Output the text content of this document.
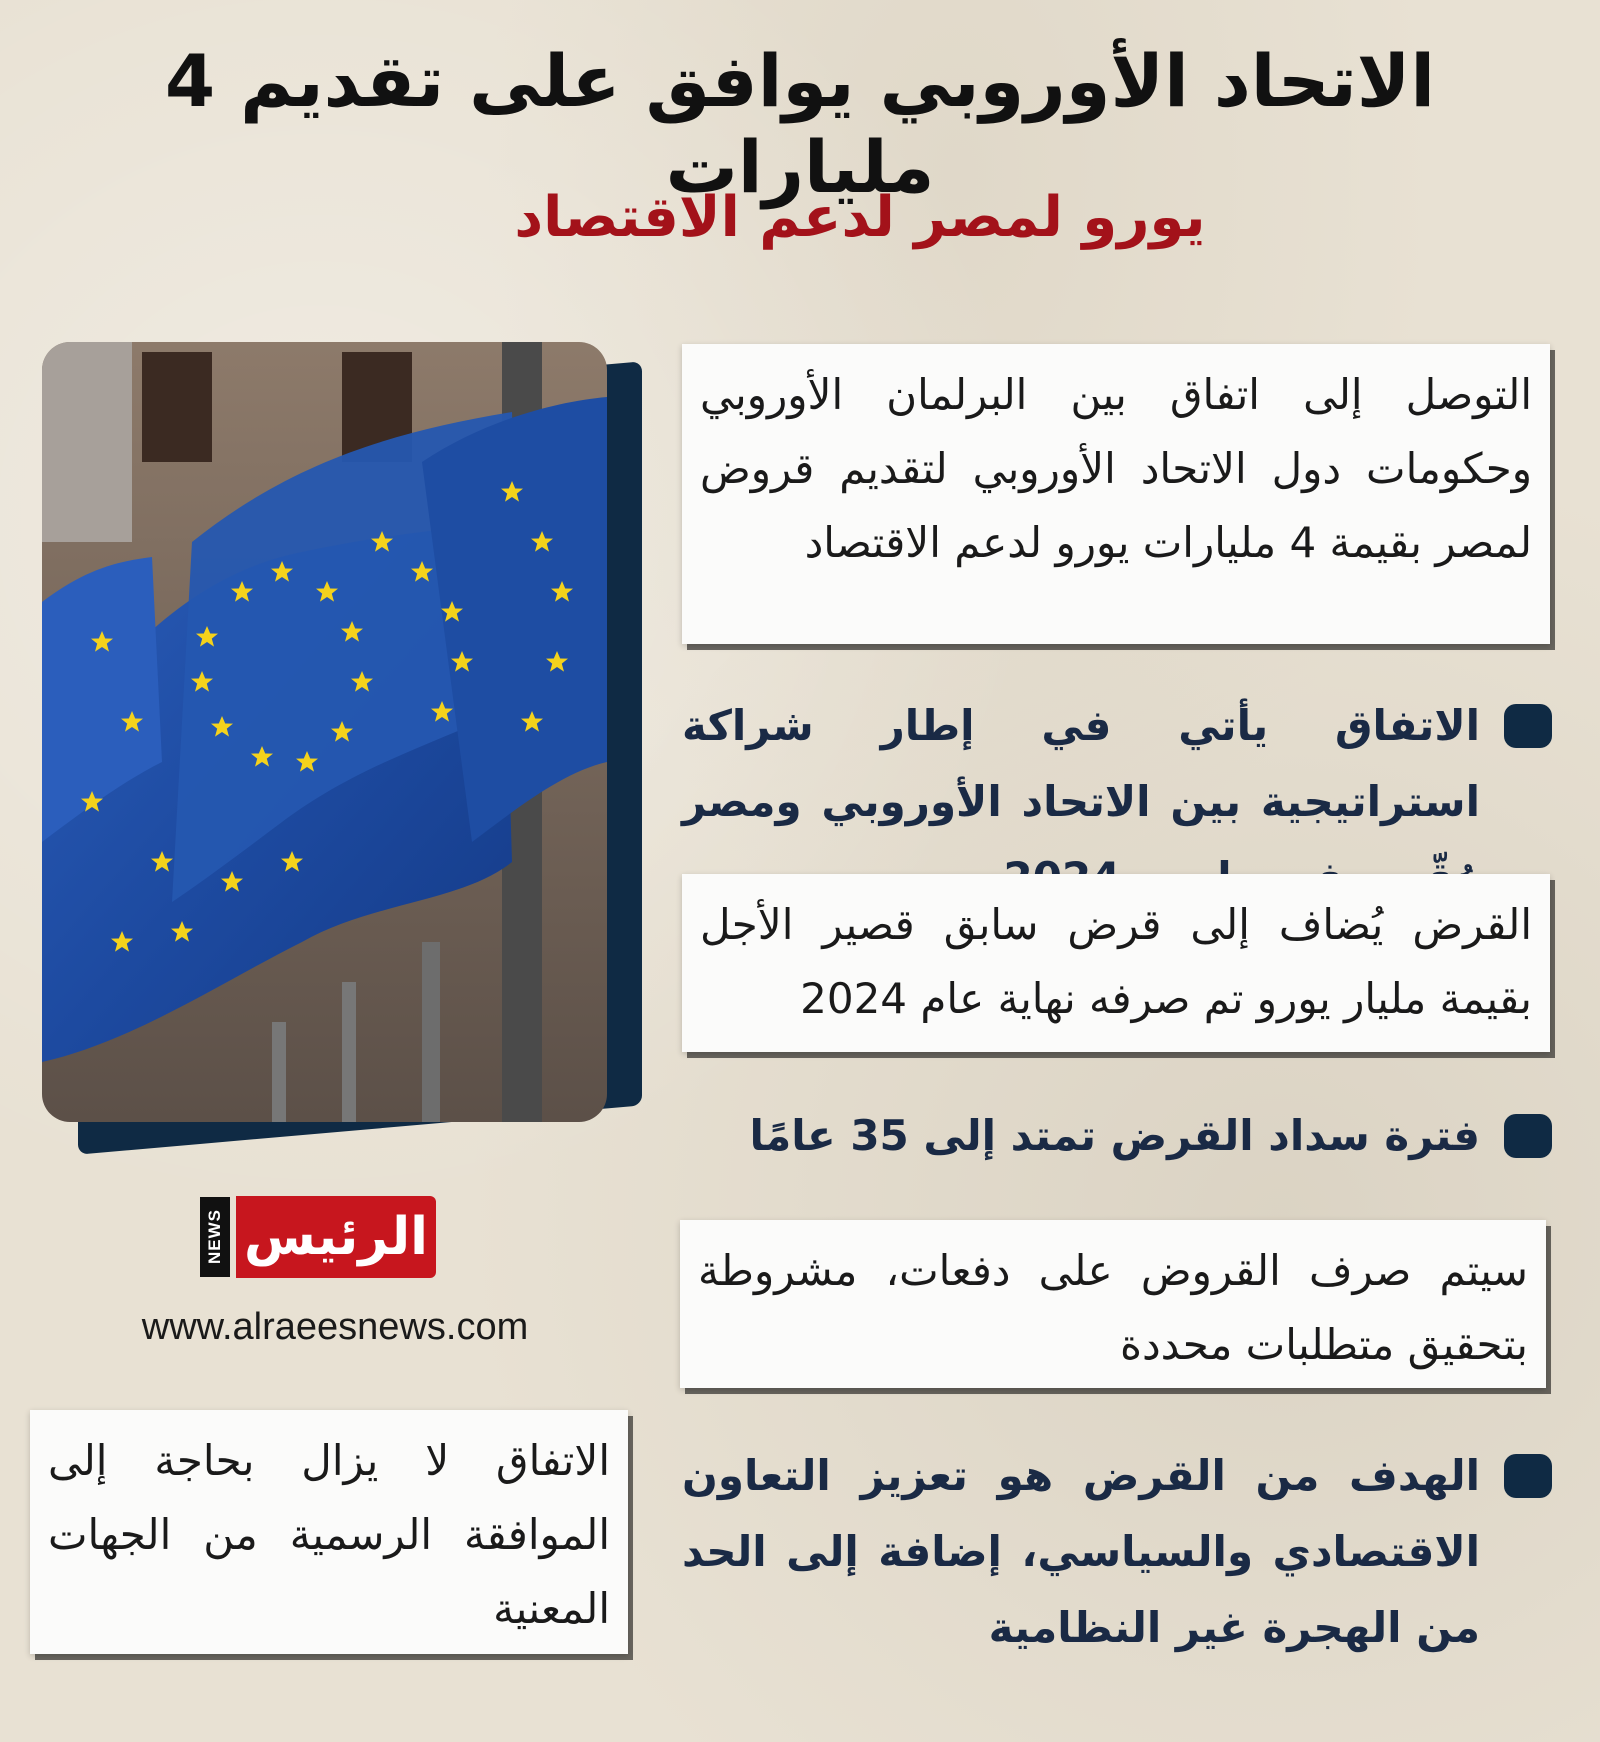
الاتحاد الأوروبي يوافق على تقديم 4 مليارات
يورو لمصر لدعم الاقتصاد
التوصل إلى اتفاق بين البرلمان الأوروبي وحكومات دول الاتحاد الأوروبي لتقديم قروض لمصر بقيمة 4 مليارات يورو لدعم الاقتصاد
الاتفاق يأتي في إطار شراكة استراتيجية بين الاتحاد الأوروبي ومصر
القرض يُضاف إلى قرض سابق قصير الأجل بقيمة مليار يورو تم صرفه نهاية عام 2024
فترة سداد القرض تمتد إلى 35 عامًا
سيتم صرف القروض على دفعات، مشروطة بتحقيق متطلبات محددة
الهدف من القرض هو تعزيز التعاون الاقتصادي والسياسي، إضافة إلى الحد من الهجرة غير النظامية
الرئيس
NEWS
www.alraeesnews.com
الاتفاق لا يزال بحاجة إلى الموافقة الرسمية من الجهات المعنية
